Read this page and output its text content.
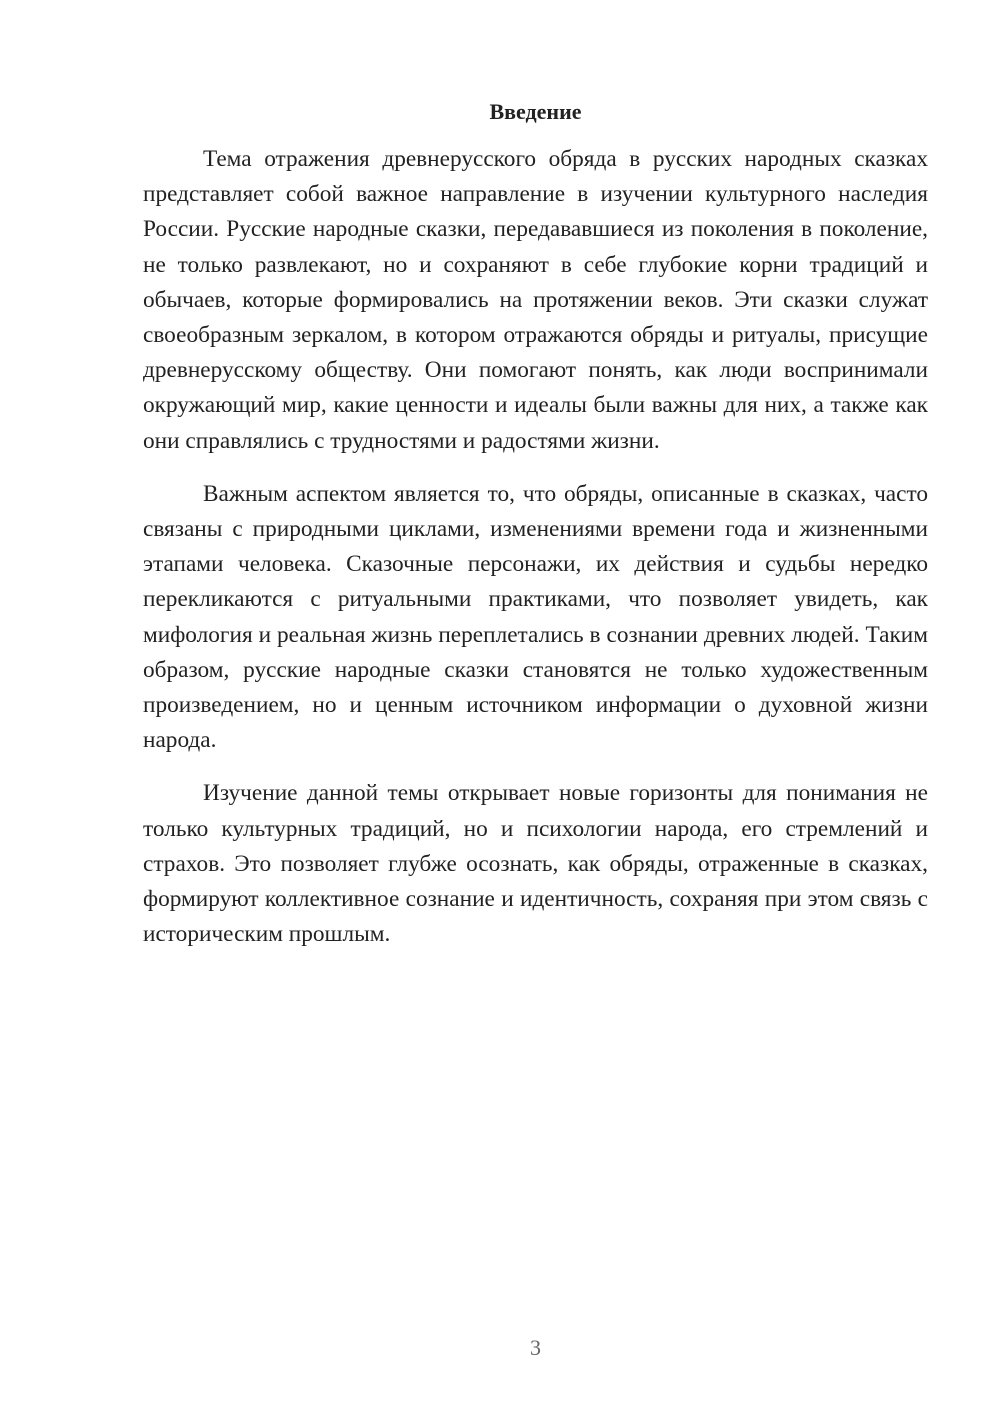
Введение

Тема отражения древнерусского обряда в русских народных сказках представляет собой важное направление в изучении культурного наследия России. Русские народные сказки, передававшиеся из поколения в поколение, не только развлекают, но и сохраняют в себе глубокие корни традиций и обычаев, которые формировались на протяжении веков. Эти сказки служат своеобразным зеркалом, в котором отражаются обряды и ритуалы, присущие древнерусскому обществу. Они помогают понять, как люди воспринимали окружающий мир, какие ценности и идеалы были важны для них, а также как они справлялись с трудностями и радостями жизни.

Важным аспектом является то, что обряды, описанные в сказках, часто связаны с природными циклами, изменениями времени года и жизненными этапами человека. Сказочные персонажи, их действия и судьбы нередко перекликаются с ритуальными практиками, что позволяет увидеть, как мифология и реальная жизнь переплетались в сознании древних людей. Таким образом, русские народные сказки становятся не только художественным произведением, но и ценным источником информации о духовной жизни народа.

Изучение данной темы открывает новые горизонты для понимания не только культурных традиций, но и психологии народа, его стремлений и страхов. Это позволяет глубже осознать, как обряды, отраженные в сказках, формируют коллективное сознание и идентичность, сохраняя при этом связь с историческим прошлым.

3
